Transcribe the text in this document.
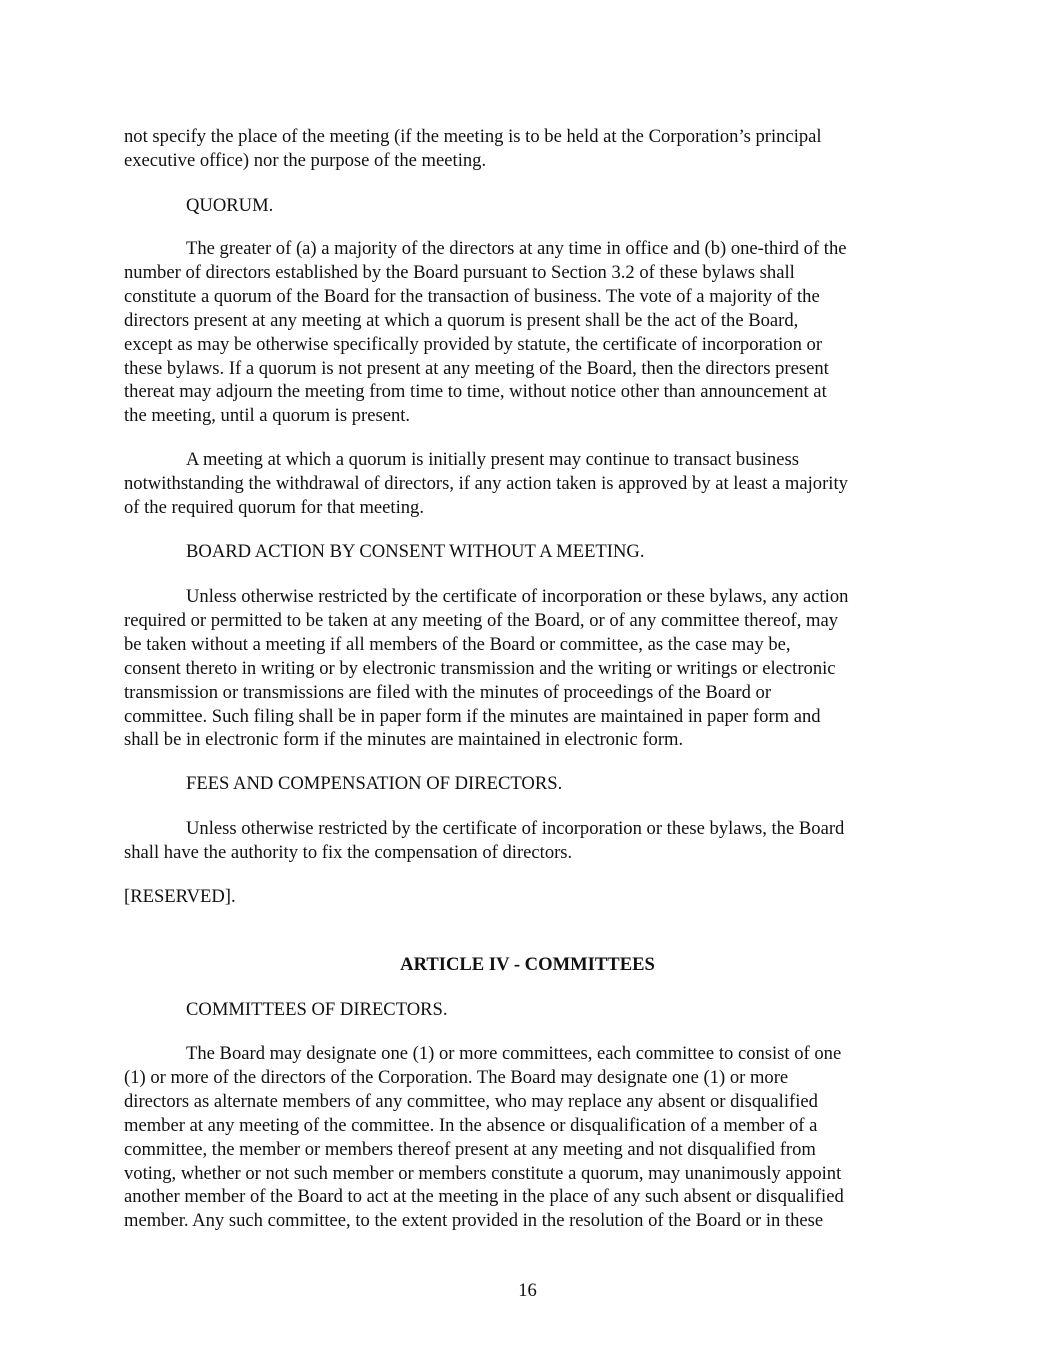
not specify the place of the meeting (if the meeting is to be held at the Corporation’s principal
executive office) nor the purpose of the meeting.
QUORUM.
The greater of (a) a majority of the directors at any time in office and (b) one-third of the
number of directors established by the Board pursuant to Section 3.2 of these bylaws shall
constitute a quorum of the Board for the transaction of business. The vote of a majority of the
directors present at any meeting at which a quorum is present shall be the act of the Board,
except as may be otherwise specifically provided by statute, the certificate of incorporation or
these bylaws. If a quorum is not present at any meeting of the Board, then the directors present
thereat may adjourn the meeting from time to time, without notice other than announcement at
the meeting, until a quorum is present.
A meeting at which a quorum is initially present may continue to transact business
notwithstanding the withdrawal of directors, if any action taken is approved by at least a majority
of the required quorum for that meeting.
BOARD ACTION BY CONSENT WITHOUT A MEETING.
Unless otherwise restricted by the certificate of incorporation or these bylaws, any action
required or permitted to be taken at any meeting of the Board, or of any committee thereof, may
be taken without a meeting if all members of the Board or committee, as the case may be,
consent thereto in writing or by electronic transmission and the writing or writings or electronic
transmission or transmissions are filed with the minutes of proceedings of the Board or
committee. Such filing shall be in paper form if the minutes are maintained in paper form and
shall be in electronic form if the minutes are maintained in electronic form.
FEES AND COMPENSATION OF DIRECTORS.
Unless otherwise restricted by the certificate of incorporation or these bylaws, the Board
shall have the authority to fix the compensation of directors.
[RESERVED].
ARTICLE IV - COMMITTEES
COMMITTEES OF DIRECTORS.
The Board may designate one (1) or more committees, each committee to consist of one
(1) or more of the directors of the Corporation. The Board may designate one (1) or more
directors as alternate members of any committee, who may replace any absent or disqualified
member at any meeting of the committee. In the absence or disqualification of a member of a
committee, the member or members thereof present at any meeting and not disqualified from
voting, whether or not such member or members constitute a quorum, may unanimously appoint
another member of the Board to act at the meeting in the place of any such absent or disqualified
member. Any such committee, to the extent provided in the resolution of the Board or in these
16
